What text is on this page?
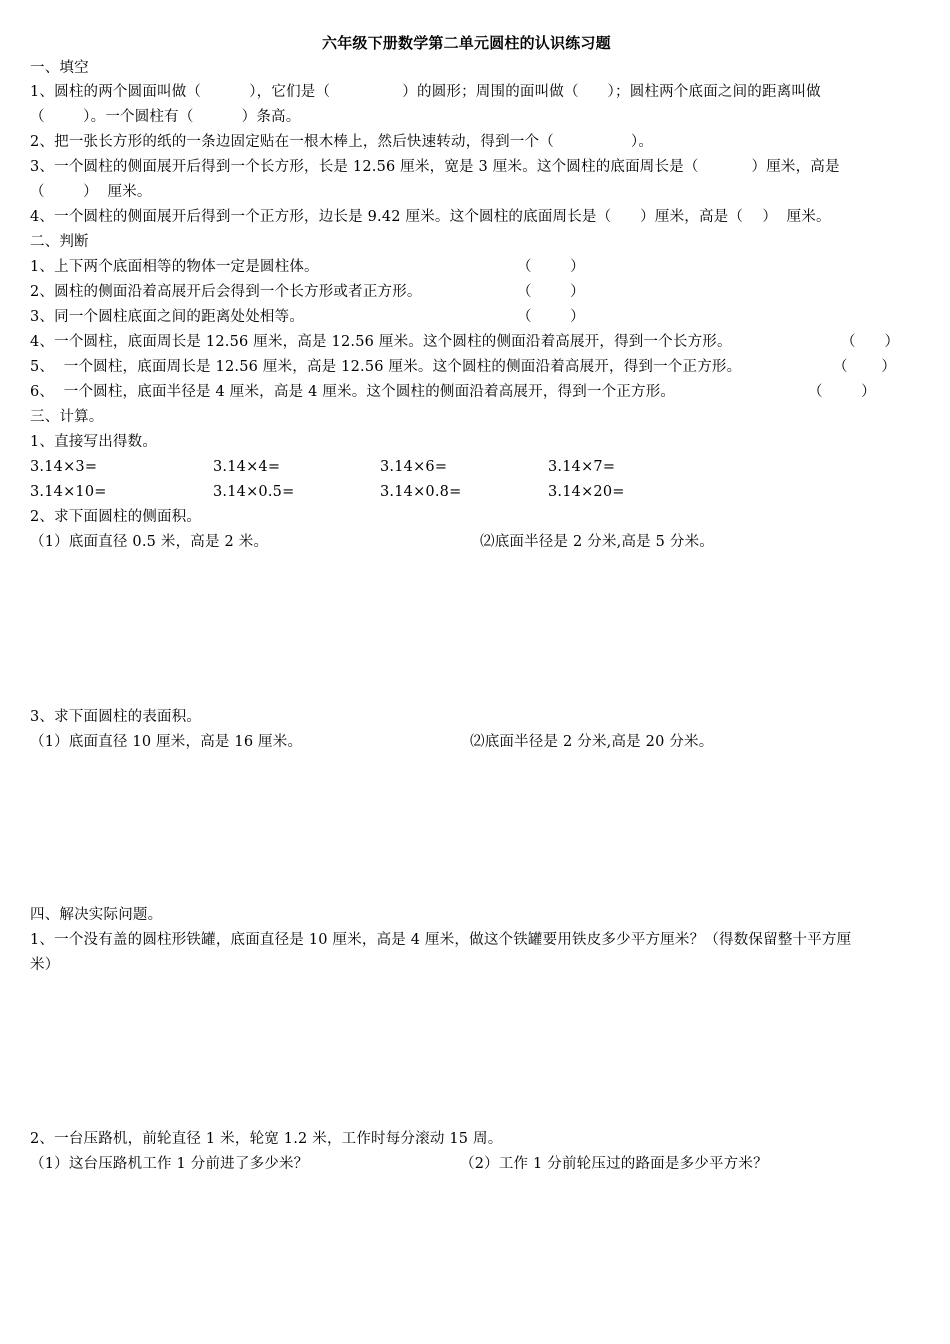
六年级下册数学第二单元圆柱的认识练习题
一、填空
1、圆柱的两个圆面叫做（          ），它们是（               ）的圆形；周围的面叫做（      ）；圆柱两个底面之间的距离叫做
（        ）。一个圆柱有（          ）条高。
2、把一张长方形的纸的一条边固定贴在一根木棒上，然后快速转动，得到一个（                ）。
3、一个圆柱的侧面展开后得到一个长方形，长是 12.56 厘米，宽是 3 厘米。这个圆柱的底面周长是（           ）厘米，高是
（        ）  厘米。
4、一个圆柱的侧面展开后得到一个正方形，边长是 9.42 厘米。这个圆柱的底面周长是（      ）厘米，高是（    ）  厘米。
二、判断
1、上下两个底面相等的物体一定是圆柱体。	（        ）
2、圆柱的侧面沿着高展开后会得到一个长方形或者正方形。	（        ）
3、同一个圆柱底面之间的距离处处相等。	（        ）
4、一个圆柱，底面周长是 12.56 厘米，高是 12.56 厘米。这个圆柱的侧面沿着高展开，得到一个长方形。	（      ）
5、  一个圆柱，底面周长是 12.56 厘米，高是 12.56 厘米。这个圆柱的侧面沿着高展开，得到一个正方形。	（       ）
6、  一个圆柱，底面半径是 4 厘米，高是 4 厘米。这个圆柱的侧面沿着高展开，得到一个正方形。	（        ）
三、计算。
1、直接写出得数。
3.14×3=	3.14×4=	3.14×6=	3.14×7=
3.14×10=	3.14×0.5=	3.14×0.8=	3.14×20=
2、求下面圆柱的侧面积。
（1）底面直径 0.5 米，高是 2 米。	⑵底面半径是 2 分米,高是 5 分米。
3、求下面圆柱的表面积。
（1）底面直径 10 厘米，高是 16 厘米。	⑵底面半径是 2 分米,高是 20 分米。
四、解决实际问题。
1、一个没有盖的圆柱形铁罐，底面直径是 10 厘米，高是 4 厘米，做这个铁罐要用铁皮多少平方厘米？（得数保留整十平方厘
米）
2、一台压路机，前轮直径 1 米，轮宽 1.2 米，工作时每分滚动 15 周。
（1）这台压路机工作 1 分前进了多少米？	（2）工作 1 分前轮压过的路面是多少平方米？
